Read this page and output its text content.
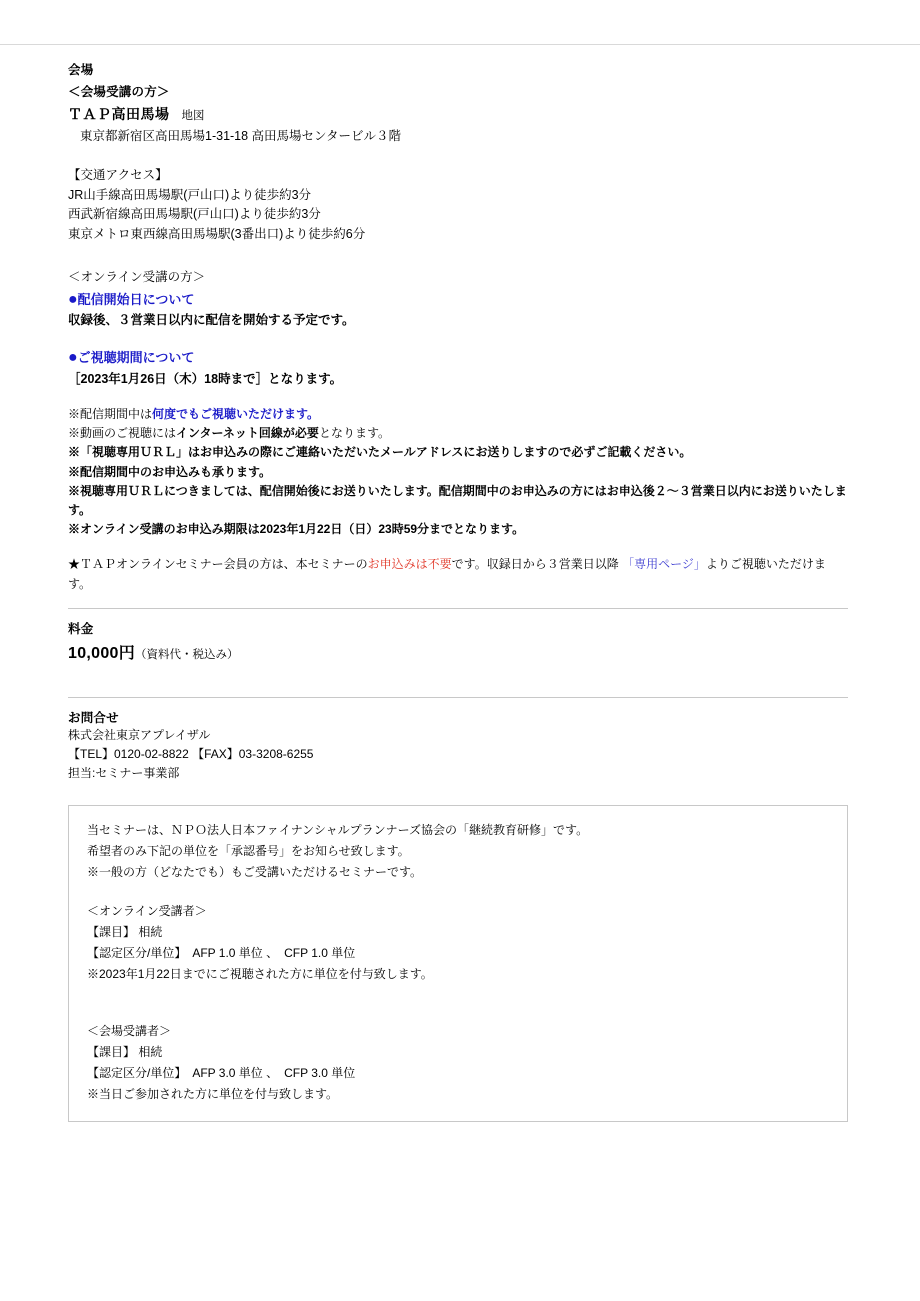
会場
＜会場受講の方＞
ＴＡＰ高田馬場 地図
東京都新宿区高田馬場1-31-18 高田馬場センタービル３階
【交通アクセス】
JR山手線高田馬場駅(戸山口)より徒歩約3分
西武新宿線高田馬場駅(戸山口)より徒歩約3分
東京メトロ東西線高田馬場駅(3番出口)より徒歩約6分
＜オンライン受講の方＞
●配信開始日について
収録後、３営業日以内に配信を開始する予定です。
●ご視聴期間について
［2023年1月26日（木）18時まで］となります。
※配信期間中は何度でもご視聴いただけます。
※動画のご視聴にはインターネット回線が必要となります。
※「視聴専用ＵＲＬ」はお申込みの際にご連絡いただいたメールアドレスにお送りしますので必ずご記載ください。
※配信期間中のお申込みも承ります。
※視聴専用ＵＲＬにつきましては、配信開始後にお送りいたします。配信期間中のお申込みの方にはお申込後２～３営業日以内にお送りいたします。
※オンライン受講のお申込み期限は2023年1月22日（日）23時59分までとなります。
★ＴＡＰオンラインセミナー会員の方は、本セミナーのお申込みは不要です。収録日から３営業日以降 「専用ページ」よりご視聴いただけます。
料金
10,000円（資料代・税込み）
お問合せ
株式会社東京アプレイザル
【TEL】0120-02-8822 【FAX】03-3208-6255
担当:セミナー事業部
当セミナーは、ＮＰＯ法人日本ファイナンシャルプランナーズ協会の「継続教育研修」です。
希望者のみ下記の単位を「承認番号」をお知らせ致します。
※一般の方（どなたでも）もご受講いただけるセミナーです。
＜オンライン受講者＞
【課目】 相続
【認定区分/単位】　AFP 1.0 単位 、　CFP 1.0 単位
※2023年1月22日までにご視聴された方に単位を付与致します。
＜会場受講者＞
【課目】 相続
【認定区分/単位】　AFP 3.0 単位 、　CFP 3.0 単位
※当日ご参加された方に単位を付与致します。
